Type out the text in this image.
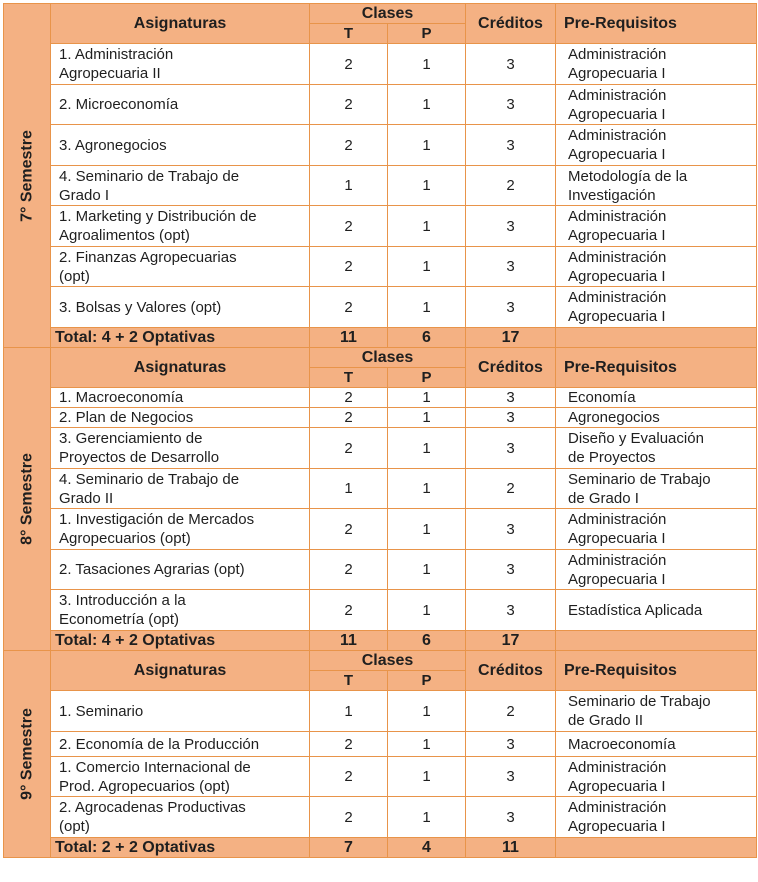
7° Semestre	Asignaturas	Clases		Créditos	Pre-Requisitos
		T	P		
	1. Administración
Agropecuaria II	2	1	3	Administración
Agropecuaria I
	2. Microeconomía	2	1	3	Administración
Agropecuaria I
	3. Agronegocios	2	1	3	Administración
Agropecuaria I
	4. Seminario de Trabajo de
Grado I	1	1	2	Metodología de la
Investigación
	1. Marketing y Distribución de
Agroalimentos (opt)	2	1	3	Administración
Agropecuaria I
	2. Finanzas Agropecuarias
(opt)	2	1	3	Administración
Agropecuaria I
	3. Bolsas y Valores (opt)	2	1	3	Administración
Agropecuaria I
	Total: 4 + 2 Optativas	11	6	17	

8° Semestre	Asignaturas	Clases		Créditos	Pre-Requisitos
		T	P		
	1. Macroeconomía	2	1	3	Economía
	2. Plan de Negocios	2	1	3	Agronegocios
	3. Gerenciamiento de
Proyectos de Desarrollo	2	1	3	Diseño y Evaluación
de Proyectos
	4. Seminario de Trabajo de
Grado II	1	1	2	Seminario de Trabajo
de Grado I
	1. Investigación de Mercados
Agropecuarios (opt)	2	1	3	Administración
Agropecuaria I
	2. Tasaciones Agrarias (opt)	2	1	3	Administración
Agropecuaria I
	3. Introducción a la
Econometría (opt)	2	1	3	Estadística Aplicada
	Total: 4 + 2 Optativas	11	6	17	

9° Semestre	Asignaturas	Clases		Créditos	Pre-Requisitos
		T	P		
	1. Seminario	1	1	2	Seminario de Trabajo
de Grado II
	2. Economía de la Producción	2	1	3	Macroeconomía
	1. Comercio Internacional de
Prod. Agropecuarios (opt)	2	1	3	Administración
Agropecuaria I
	2. Agrocadenas Productivas
(opt)	2	1	3	Administración
Agropecuaria I
	Total: 2 + 2 Optativas	7	4	11	
